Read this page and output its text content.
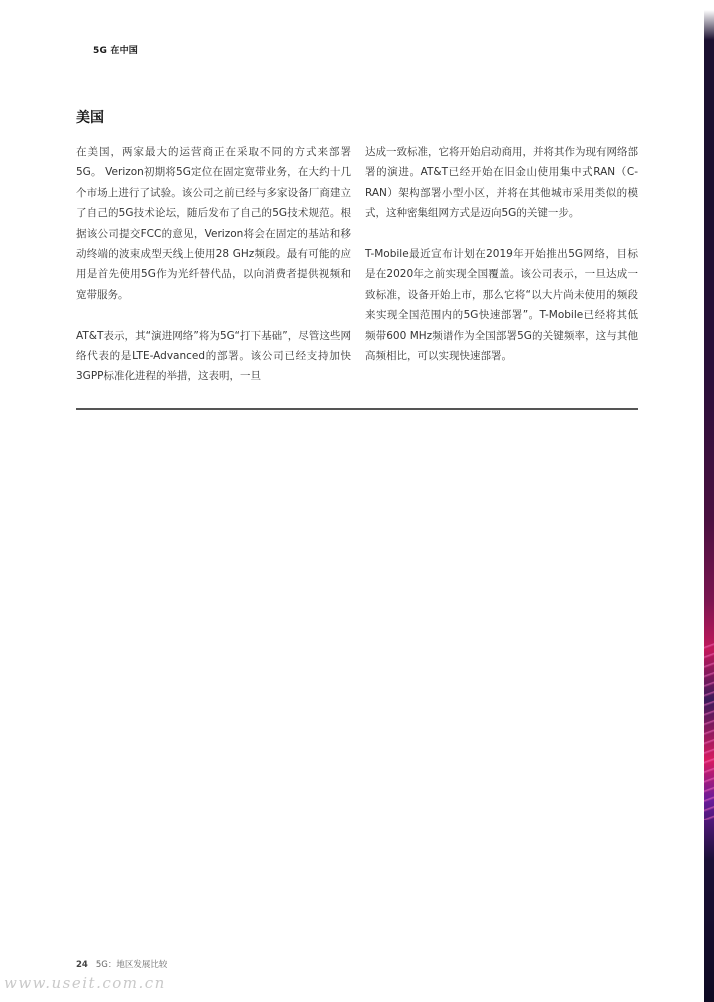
5G 在中国
美国

在美国，两家最大的运营商正在采取不同的方式来部署5G。 Verizon初期将5G定位在固定宽带业务，在大约十几个市场上进行了试验。该公司之前已经与多家设备厂商建立了自己的5G技术论坛，随后发布了自己的5G技术规范。根据该公司提交FCC的意见，Verizon将会在固定的基站和移动终端的波束成型天线上使用28 GHz频段。最有可能的应用是首先使用5G作为光纤替代品，以向消费者提供视频和宽带服务。

AT&T表示，其“演进网络”将为5G“打下基础”，尽管这些网络代表的是LTE-Advanced的部署。该公司已经支持加快3GPP标准化进程的举措，这表明，一旦

达成一致标准，它将开始启动商用，并将其作为现有网络部署的演进。AT&T已经开始在旧金山使用集中式RAN（C-RAN）架构部署小型小区，并将在其他城市采用类似的模式，这种密集组网方式是迈向5G的关键一步。

T-Mobile最近宣布计划在2019年开始推出5G网络，目标是在2020年之前实现全国覆盖。该公司表示，一旦达成一致标准，设备开始上市，那么它将“以大片尚未使用的频段来实现全国范围内的5G快速部署”。T-Mobile已经将其低频带600 MHz频谱作为全国部署5G的关键频率，这与其他高频相比，可以实现快速部署。

24 5G：地区发展比较
www.useit.com.cn
